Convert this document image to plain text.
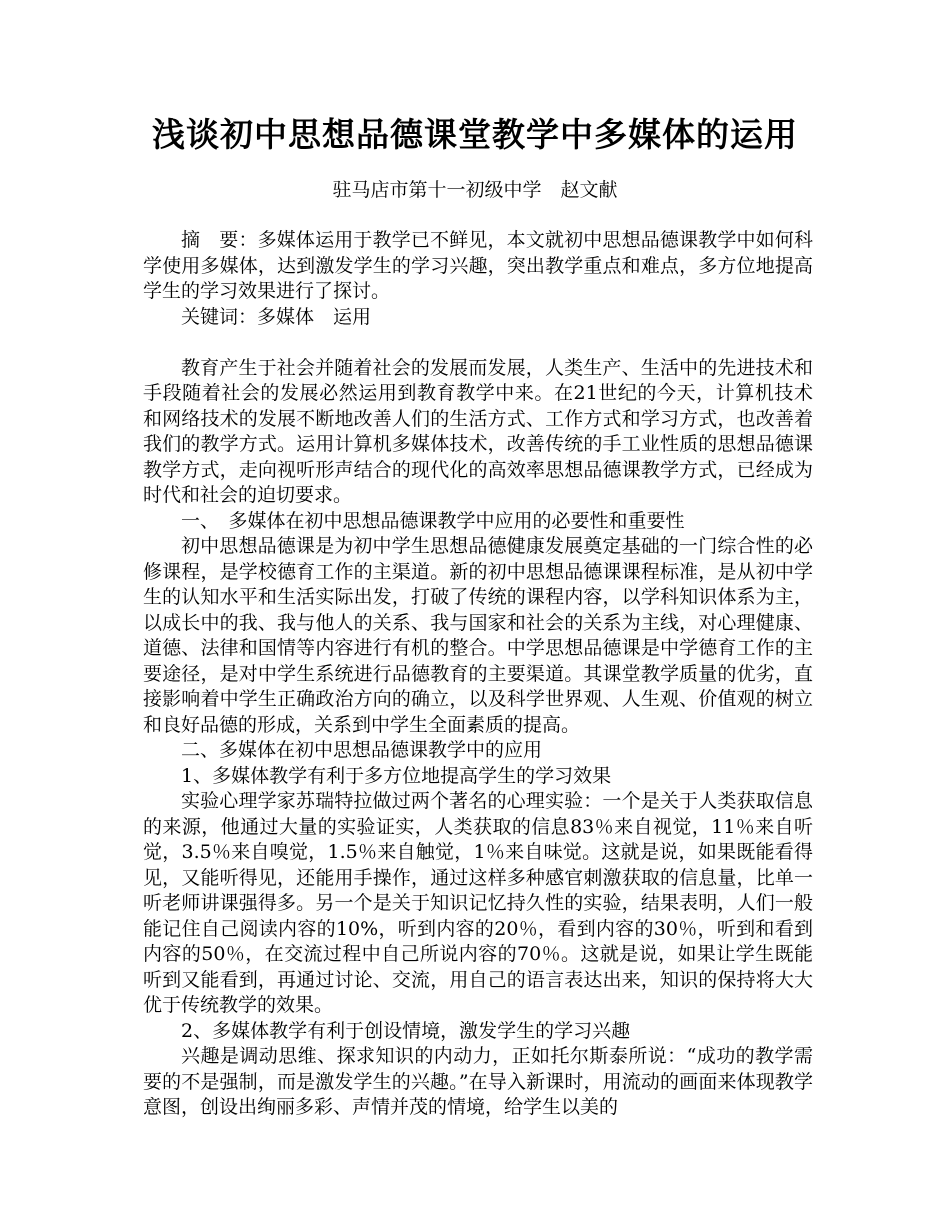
浅谈初中思想品德课堂教学中多媒体的运用
驻马店市第十一初级中学　赵文献

摘　要：多媒体运用于教学已不鲜见，本文就初中思想品德课教学中如何科学使用多媒体，达到激发学生的学习兴趣，突出教学重点和难点，多方位地提高学生的学习效果进行了探讨。

关键词：多媒体　运用

教育产生于社会并随着社会的发展而发展，人类生产、生活中的先进技术和手段随着社会的发展必然运用到教育教学中来。在21世纪的今天，计算机技术和网络技术的发展不断地改善人们的生活方式、工作方式和学习方式，也改善着我们的教学方式。运用计算机多媒体技术，改善传统的手工业性质的思想品德课教学方式，走向视听形声结合的现代化的高效率思想品德课教学方式，已经成为时代和社会的迫切要求。

一、　多媒体在初中思想品德课教学中应用的必要性和重要性

初中思想品德课是为初中学生思想品德健康发展奠定基础的一门综合性的必修课程，是学校德育工作的主渠道。新的初中思想品德课课程标准，是从初中学生的认知水平和生活实际出发，打破了传统的课程内容，以学科知识体系为主，以成长中的我、我与他人的关系、我与国家和社会的关系为主线，对心理健康、道德、法律和国情等内容进行有机的整合。中学思想品德课是中学德育工作的主要途径，是对中学生系统进行品德教育的主要渠道。其课堂教学质量的优劣，直接影响着中学生正确政治方向的确立，以及科学世界观、人生观、价值观的树立和良好品德的形成，关系到中学生全面素质的提高。

二、多媒体在初中思想品德课教学中的应用

1、多媒体教学有利于多方位地提高学生的学习效果

实验心理学家苏瑞特拉做过两个著名的心理实验：一个是关于人类获取信息的来源，他通过大量的实验证实，人类获取的信息83％来自视觉，11％来自听觉，3.5％来自嗅觉，1.5％来自触觉，1％来自味觉。这就是说，如果既能看得见，又能听得见，还能用手操作，通过这样多种感官刺激获取的信息量，比单一听老师讲课强得多。另一个是关于知识记忆持久性的实验，结果表明，人们一般能记住自己阅读内容的10%，听到内容的20％，看到内容的30％，听到和看到内容的50％，在交流过程中自己所说内容的70％。这就是说，如果让学生既能听到又能看到，再通过讨论、交流，用自己的语言表达出来，知识的保持将大大优于传统教学的效果。

2、多媒体教学有利于创设情境，激发学生的学习兴趣

兴趣是调动思维、探求知识的内动力，正如托尔斯泰所说：“成功的教学需要的不是强制，而是激发学生的兴趣。”在导入新课时，用流动的画面来体现教学意图，创设出绚丽多彩、声情并茂的情境，给学生以美的
